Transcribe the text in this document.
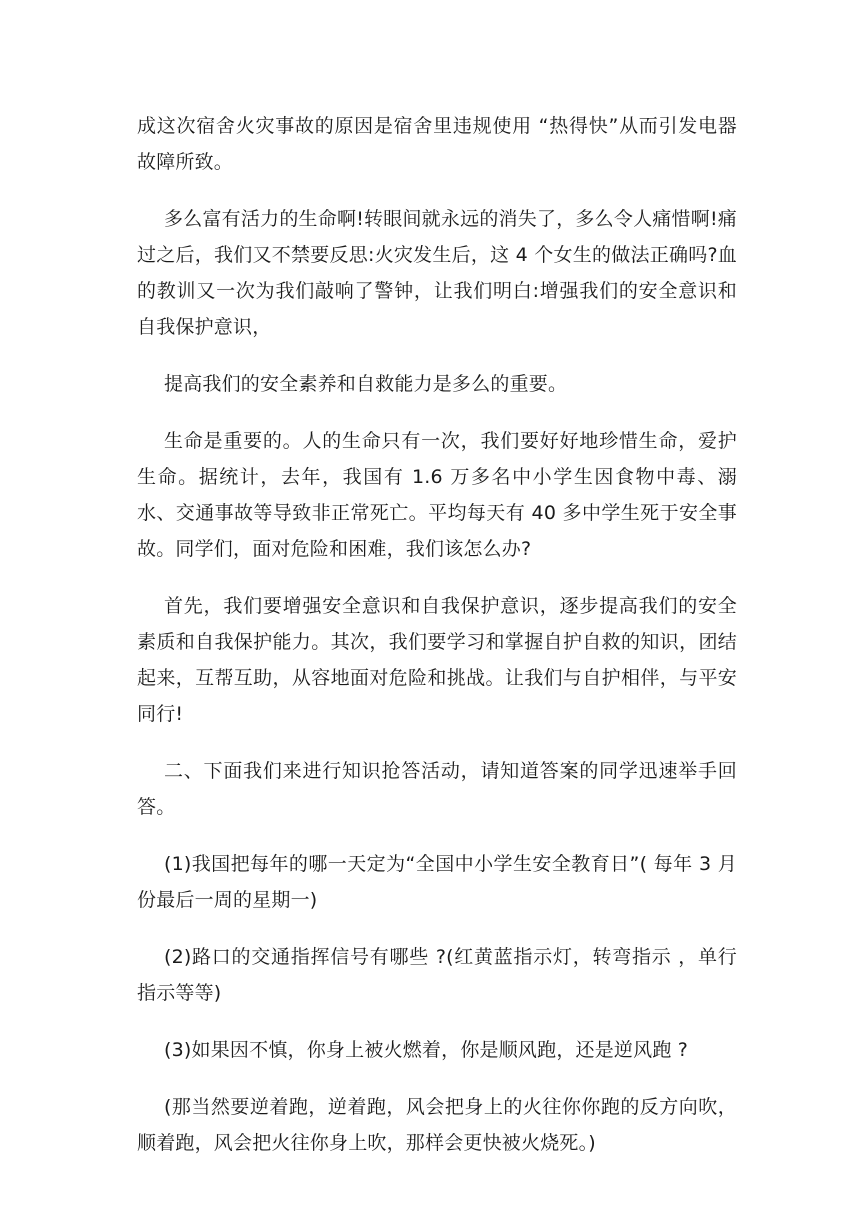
成这次宿舍火灾事故的原因是宿舍里违规使用 “热得快”从而引发电器故障所致。

多么富有活力的生命啊!转眼间就永远的消失了，多么令人痛惜啊!痛过之后，我们又不禁要反思:火灾发生后，这 4 个女生的做法正确吗?血的教训又一次为我们敲响了警钟，让我们明白:增强我们的安全意识和自我保护意识，

提高我们的安全素养和自救能力是多么的重要。

生命是重要的。人的生命只有一次，我们要好好地珍惜生命，爱护生命。据统计，去年，我国有 1.6 万多名中小学生因食物中毒、溺水、交通事故等导致非正常死亡。平均每天有 40 多中学生死于安全事故。同学们，面对危险和困难，我们该怎么办?

首先，我们要增强安全意识和自我保护意识，逐步提高我们的安全素质和自我保护能力。其次，我们要学习和掌握自护自救的知识，团结起来，互帮互助，从容地面对危险和挑战。让我们与自护相伴，与平安同行!

二、下面我们来进行知识抢答活动，请知道答案的同学迅速举手回答。

(1)我国把每年的哪一天定为“全国中小学生安全教育日”( 每年 3 月份最后一周的星期一)

(2)路口的交通指挥信号有哪些 ?(红黄蓝指示灯，转弯指示 ，单行指示等等)

(3)如果因不慎，你身上被火燃着，你是顺风跑，还是逆风跑 ?

(那当然要逆着跑，逆着跑，风会把身上的火往你你跑的反方向吹，顺着跑，风会把火往你身上吹，那样会更快被火烧死。)
